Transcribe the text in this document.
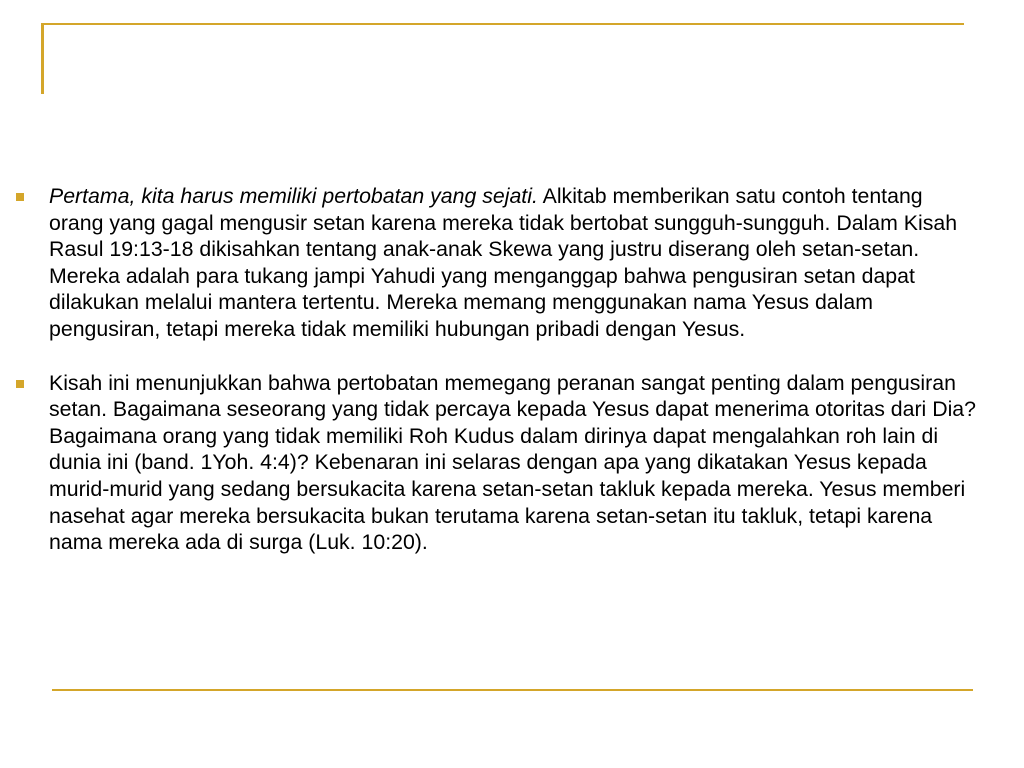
Pertama, kita harus memiliki pertobatan yang sejati. Alkitab memberikan satu contoh tentang orang yang gagal mengusir setan karena mereka tidak bertobat sungguh-sungguh. Dalam Kisah Rasul 19:13-18 dikisahkan tentang anak-anak Skewa yang justru diserang oleh setan-setan. Mereka adalah para tukang jampi Yahudi yang menganggap bahwa pengusiran setan dapat dilakukan melalui mantera tertentu. Mereka memang menggunakan nama Yesus dalam pengusiran, tetapi mereka tidak memiliki hubungan pribadi dengan Yesus.
Kisah ini menunjukkan bahwa pertobatan memegang peranan sangat penting dalam pengusiran setan. Bagaimana seseorang yang tidak percaya kepada Yesus dapat menerima otoritas dari Dia? Bagaimana orang yang tidak memiliki Roh Kudus dalam dirinya dapat mengalahkan roh lain di dunia ini (band. 1Yoh. 4:4)? Kebenaran ini selaras dengan apa yang dikatakan Yesus kepada murid-murid yang sedang bersukacita karena setan-setan takluk kepada mereka. Yesus memberi nasehat agar mereka bersukacita bukan terutama karena setan-setan itu takluk, tetapi karena nama mereka ada di surga (Luk. 10:20).
